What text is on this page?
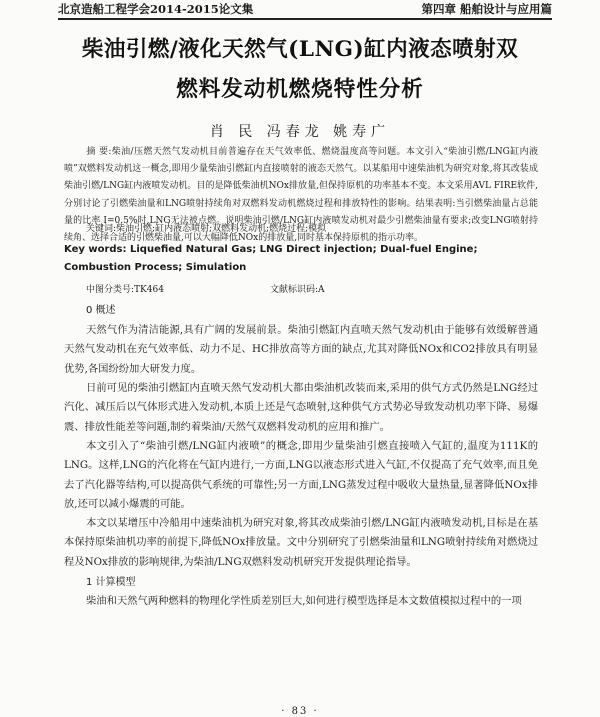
北京造船工程学会2014-2015论文集	第四章 船舶设计与应用篇
柴油引燃/液化天然气(LNG)缸内液态喷射双
燃料发动机燃烧特性分析
肖 民 冯春龙 姚寿广
摘 要:柴油/压燃天然气发动机目前普遍存在天气效率低、燃烧温度高等问题。本文引入“柴油引燃/LNG缸内液喷”双燃料发动机这一概念,即用少量柴油引燃缸内直接喷射的液态天然气。以某船用中速柴油机为研究对象,将其改装成柴油引燃/LNG缸内液喷发动机。目的是降低柴油机NOx排放量,但保持原机的功率基本不变。本文采用AVL FIRE软件,分别讨论了引燃柴油量和LNG喷射持续角对双燃料发动机燃烧过程和排放特性的影响。结果表明:当引燃柴油量占总能量的比率 I=0.5%时,LNG无法被点燃。说明柴油引燃/LNG缸内液喷发动机对最少引燃柴油量有要求;改变LNG喷射持续角、选择合适的引燃柴油量,可以大幅降低NOx的排放量,同时基本保持原机的指示功率。
关键词:柴油引燃;缸内液态喷射;双燃料发动机;燃烧过程;模拟
Key words: Liquefied Natural Gas; LNG Direct injection; Dual-fuel Engine; Combustion Process; Simulation
中图分类号:TK464	文献标识码:A
0 概述
天然气作为清洁能源,具有广阔的发展前景。柴油引燃缸内直喷天然气发动机由于能够有效缓解普通天然气发动机在充气效率低、动力不足、HC排放高等方面的缺点,尤其对降低NOx和CO2排放具有明显优势,各国纷纷加大研发力度。
日前可见的柴油引燃缸内直喷天然气发动机大都由柴油机改装而来,采用的供气方式仍然是LNG经过汽化、减压后以气体形式进入发动机,本质上还是气态喷射,这种供气方式势必导致发动机功率下降、易爆震、排放性能差等问题,制约着柴油/天然气双燃料发动机的应用和推广。
本文引入了“柴油引燃/LNG缸内液喷”的概念,即用少量柴油引燃直接喷入气缸的,温度为111K的LNG。这样,LNG的汽化将在气缸内进行,一方面,LNG以液态形式进入气缸,不仅提高了充气效率,而且免去了汽化器等结构,可以提高供气系统的可靠性;另一方面,LNG蒸发过程中吸收大量热量,显著降低NOx排放,还可以减小爆震的可能。
本文以某增压中冷船用中速柴油机为研究对象,将其改成柴油引燃/LNG缸内液喷发动机,目标是在基本保持原柴油机功率的前提下,降低NOx排放量。文中分别研究了引燃柴油量和LNG喷射持续角对燃烧过程及NOx排放的影响规律,为柴油/LNG双燃料发动机研究开发提供理论指导。
1 计算模型
柴油和天然气两种燃料的物理化学性质差别巨大,如何进行模型选择是本文数值模拟过程中的一项
· 83 ·
